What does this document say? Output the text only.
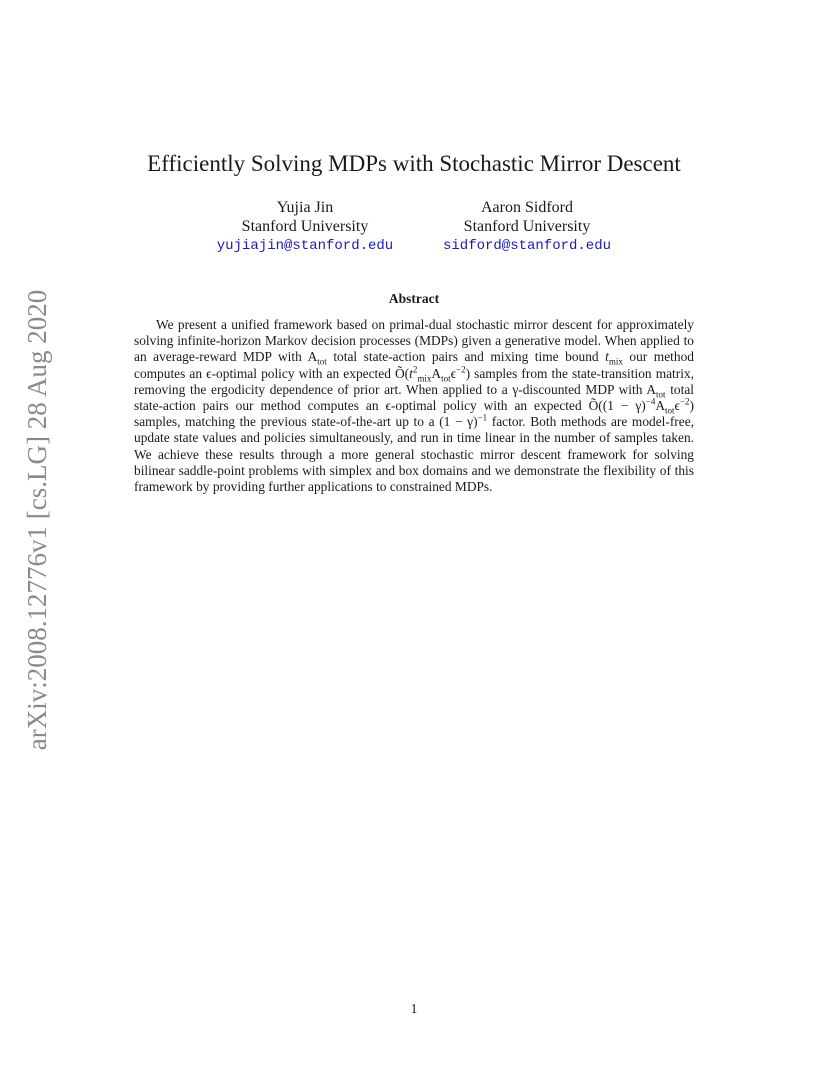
arXiv:2008.12776v1 [cs.LG] 28 Aug 2020
Efficiently Solving MDPs with Stochastic Mirror Descent
Yujia Jin
Stanford University
yujiajin@stanford.edu
Aaron Sidford
Stanford University
sidford@stanford.edu
Abstract

We present a unified framework based on primal-dual stochastic mirror descent for approximately solving infinite-horizon Markov decision processes (MDPs) given a generative model. When applied to an average-reward MDP with $A_{tot}$ total state-action pairs and mixing time bound $t_{mix}$ our method computes an ϵ-optimal policy with an expected $Õ(t^2_{mix}A_{tot}\epsilon^{-2})$ samples from the state-transition matrix, removing the ergodicity dependence of prior art. When applied to a γ-discounted MDP with $A_{tot}$ total state-action pairs our method computes an ϵ-optimal policy with an expected Õ((1 − $\gamma)^{-4}A_{tot}\epsilon^{-2}$) samples, matching the previous state-of-the-art up to a $(1 - \gamma)^{-1}$ factor. Both methods are model-free, update state values and policies simultaneously, and run in time linear in the number of samples taken. We achieve these results through a more general stochastic mirror descent framework for solving bilinear saddle-point problems with simplex and box domains and we demonstrate the flexibility of this framework by providing further applications to constrained MDPs.

1
